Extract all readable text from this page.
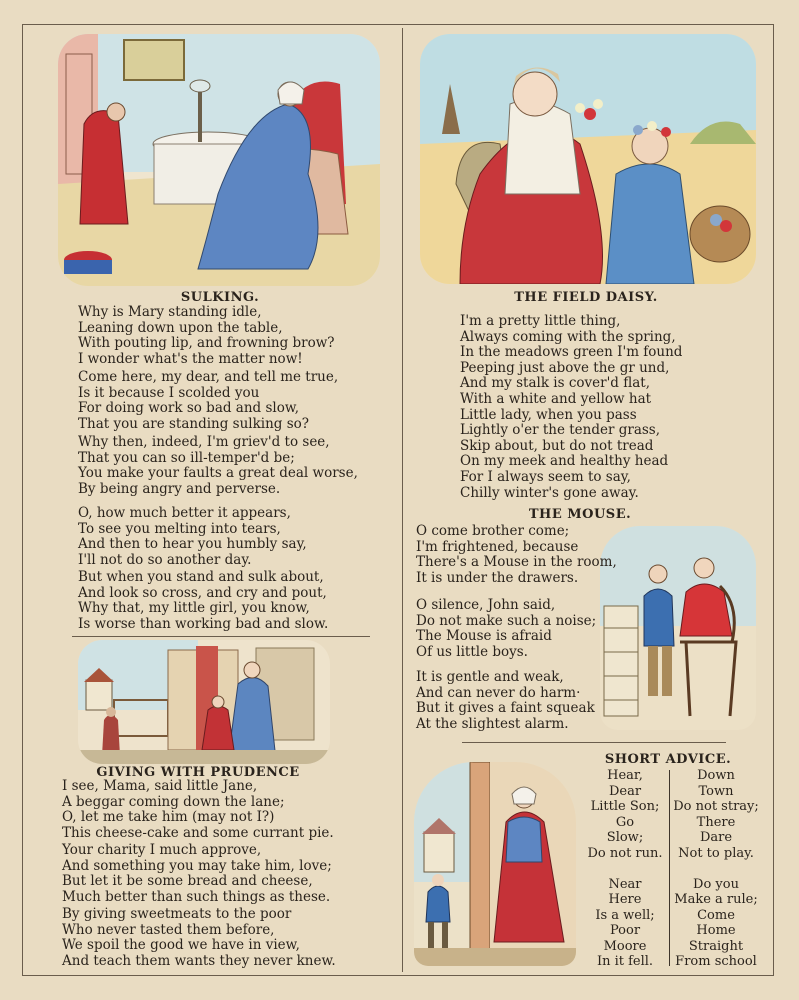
SULKING.
Why is Mary standing idle,
Leaning down upon the table,
With pouting lip, and frowning brow?
I wonder what's the matter now!
Come here, my dear, and tell me true,
Is it because I scolded you
For doing work so bad and slow,
That you are standing sulking so?
Why then, indeed, I'm griev'd to see,
That you can so ill-temper'd be;
You make your faults a great deal worse,
By being angry and perverse.
O, how much better it appears,
To see you melting into tears,
And then to hear you humbly say,
I'll not do so another day.
But when you stand and sulk about,
And look so cross, and cry and pout,
Why that, my little girl, you know,
Is worse than working bad and slow.
GIVING WITH PRUDENCE
I see, Mama, said little Jane,
A beggar coming down the lane;
O, let me take him (may not I?)
This cheese-cake and some currant pie.
Your charity I much approve,
And something you may take him, love;
But let it be some bread and cheese,
Much better than such things as these.
By giving sweetmeats to the poor
Who never tasted them before,
We spoil the good we have in view,
And teach them wants they never knew.
THE FIELD DAISY.
I'm a pretty little thing,
Always coming with the spring,
In the meadows green I'm found
Peeping just above the gr und,
And my stalk is cover'd flat,
With a white and yellow hat
Little lady, when you pass
Lightly o'er the tender grass,
Skip about, but do not tread
On my meek and healthy head
For I always seem to say,
Chilly winter's gone away.
THE MOUSE.
O come brother come;
I'm frightened, because
There's a Mouse in the room,
It is under the drawers.
O silence, John said,
Do not make such a noise;
The Mouse is afraid
Of us little boys.
It is gentle and weak,
And can never do harm·
But it gives a faint squeak
At the slightest alarm.
SHORT ADVICE.
Hear,
Dear
Little Son;
Go
Slow;
Do not run.

Near
Here
Is a well;
Poor
Moore
In it fell.
Down
Town
Do not stray;
There
Dare
Not to play.

Do you
Make a rule;
Come
Home
Straight
From school
